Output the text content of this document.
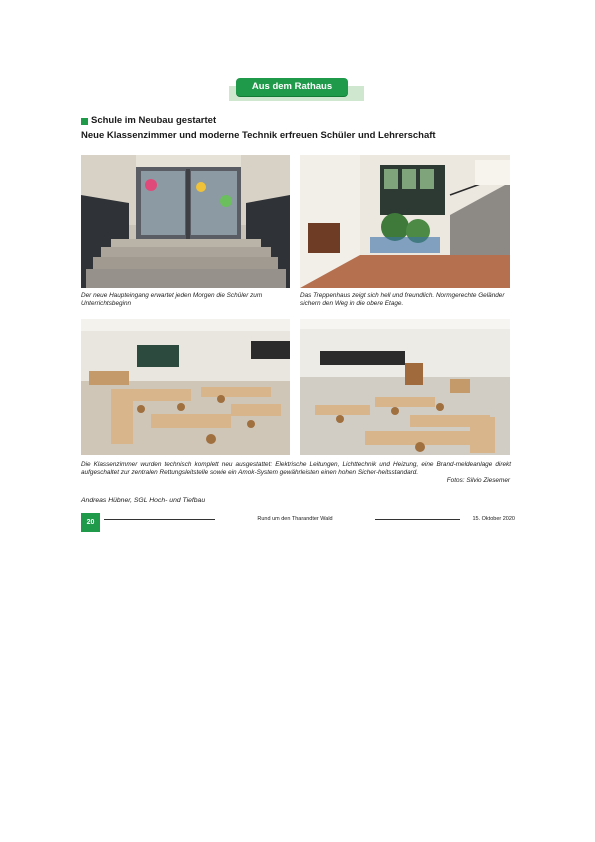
Aus dem Rathaus
Schule im Neubau gestartet
Neue Klassenzimmer und moderne Technik erfreuen Schüler und Lehrerschaft
Der neue Haupteingang erwartet jeden Morgen die Schüler zum Unterrichtsbeginn
Das Treppenhaus zeigt sich hell und freundlich. Normgerechte Geländer sichern den Weg in die obere Etage.
Die Klassenzimmer wurden technisch komplett neu ausgestattet: Elektrische Leitungen, Lichttechnik und Heizung, eine Brand-meldeanlage direkt aufgeschaltet zur zentralen Rettungsleitstelle sowie ein Amok-System gewährleisten einen hohen Sicher-heitsstandard.
Fotos: Silvio Ziesemer
Andreas Hübner, SGL Hoch- und Tiefbau
20	Rund um den Tharandter Wald	15. Oktober 2020
